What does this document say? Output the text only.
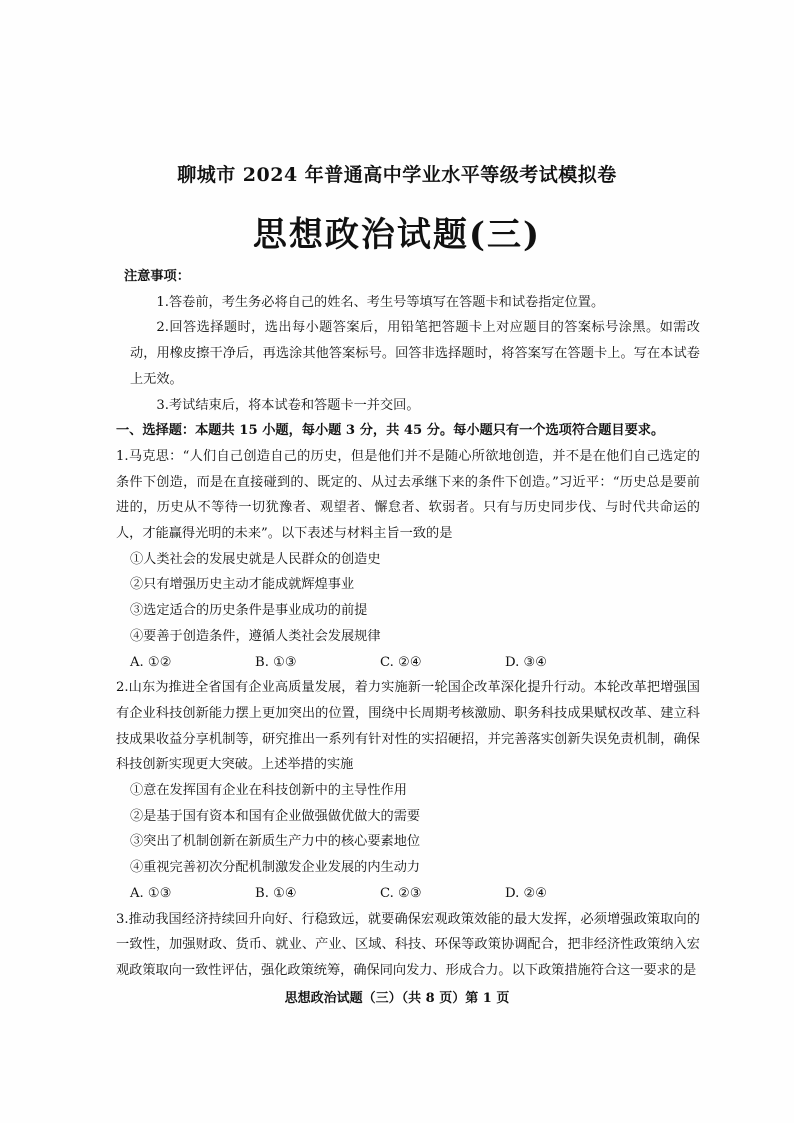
聊城市 2024 年普通高中学业水平等级考试模拟卷
思想政治试题(三)
注意事项：
1.答卷前，考生务必将自己的姓名、考生号等填写在答题卡和试卷指定位置。
2.回答选择题时，选出每小题答案后，用铅笔把答题卡上对应题目的答案标号涂黑。如需改动，用橡皮擦干净后，再选涂其他答案标号。回答非选择题时，将答案写在答题卡上。写在本试卷上无效。
3.考试结束后，将本试卷和答题卡一并交回。
一、选择题：本题共 15 小题，每小题 3 分，共 45 分。每小题只有一个选项符合题目要求。
1.马克思：“人们自己创造自己的历史，但是他们并不是随心所欲地创造，并不是在他们自己选定的条件下创造，而是在直接碰到的、既定的、从过去承继下来的条件下创造。”习近平：“历史总是要前进的，历史从不等待一切犹豫者、观望者、懈怠者、软弱者。只有与历史同步伐、与时代共命运的人，才能赢得光明的未来”。以下表述与材料主旨一致的是
①人类社会的发展史就是人民群众的创造史
②只有增强历史主动才能成就辉煌事业
③选定适合的历史条件是事业成功的前提
④要善于创造条件，遵循人类社会发展规律
A. ①②	B. ①③	C. ②④	D. ③④
2.山东为推进全省国有企业高质量发展，着力实施新一轮国企改革深化提升行动。本轮改革把增强国有企业科技创新能力摆上更加突出的位置，围绕中长周期考核激励、职务科技成果赋权改革、建立科技成果收益分享机制等，研究推出一系列有针对性的实招硬招，并完善落实创新失误免责机制，确保科技创新实现更大突破。上述举措的实施
①意在发挥国有企业在科技创新中的主导性作用
②是基于国有资本和国有企业做强做优做大的需要
③突出了机制创新在新质生产力中的核心要素地位
④重视完善初次分配机制激发企业发展的内生动力
A. ①③	B. ①④	C. ②③	D. ②④
3.推动我国经济持续回升向好、行稳致远，就要确保宏观政策效能的最大发挥，必须增强政策取向的一致性，加强财政、货币、就业、产业、区域、科技、环保等政策协调配合，把非经济性政策纳入宏观政策取向一致性评估，强化政策统筹，确保同向发力、形成合力。以下政策措施符合这一要求的是
思想政治试题（三）（共 8 页）第 1 页
